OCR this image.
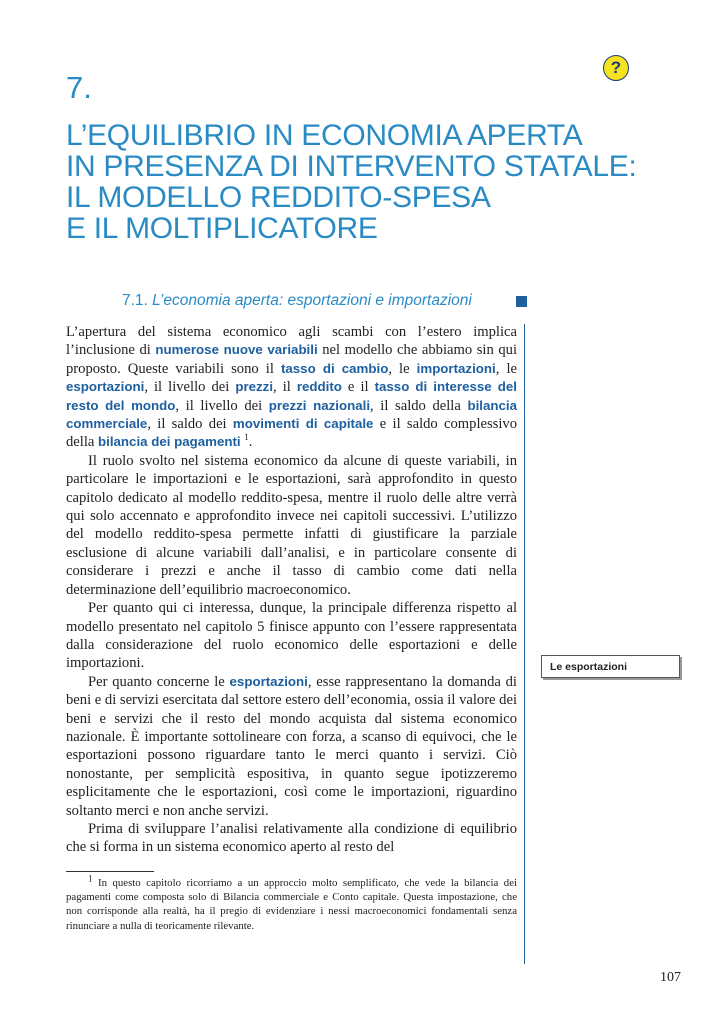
?
7.
L’EQUILIBRIO IN ECONOMIA APERTA
IN PRESENZA DI INTERVENTO STATALE:
IL MODELLO REDDITO-SPESA
E IL MOLTIPLICATORE
7.1. L’economia aperta: esportazioni e importazioni

L’apertura del sistema economico agli scambi con l’estero implica l’inclusione di numerose nuove variabili nel modello che abbiamo sin qui proposto. Queste variabili sono il tasso di cambio, le importazioni, le esportazioni, il livello dei prezzi, il reddito e il tasso di interesse del resto del mondo, il livello dei prezzi nazionali, il saldo della bilancia commerciale, il saldo dei movimenti di capitale e il saldo complessivo della bilancia dei pagamenti $^1$.

Il ruolo svolto nel sistema economico da alcune di queste variabili, in particolare le importazioni e le esportazioni, sarà approfondito in questo capitolo dedicato al modello reddito-spesa, mentre il ruolo delle altre verrà qui solo accennato e approfondito invece nei capitoli successivi. L’utilizzo del modello reddito-spesa permette infatti di giustificare la parziale esclusione di alcune variabili dall’analisi, e in particolare consente di considerare i prezzi e anche il tasso di cambio come dati nella determinazione dell’equilibrio macroeconomico.

Per quanto qui ci interessa, dunque, la principale differenza rispetto al modello presentato nel capitolo 5 finisce appunto con l’essere rappresentata dalla considerazione del ruolo economico delle esportazioni e delle importazioni.

Per quanto concerne le esportazioni, esse rappresentano la domanda di beni e di servizi esercitata dal settore estero dell’economia, ossia il valore dei beni e servizi che il resto del mondo acquista dal sistema economico nazionale. È importante sottolineare con forza, a scanso di equivoci, che le esportazioni possono riguardare tanto le merci quanto i servizi. Ciò nonostante, per semplicità espositiva, in quanto segue ipotizzeremo esplicitamente che le esportazioni, così come le importazioni, riguardino soltanto merci e non anche servizi.

Prima di sviluppare l’analisi relativamente alla condizione di equilibrio che si forma in un sistema economico aperto al resto del

Le esportazioni

$^1$ In questo capitolo ricorriamo a un approccio molto semplificato, che vede la bilancia dei pagamenti come composta solo di Bilancia commerciale e Conto capitale. Questa impostazione, che non corrisponde alla realtà, ha il pregio di evidenziare i nessi macroeconomici fondamentali senza rinunciare a nulla di teoricamente rilevante.

107
